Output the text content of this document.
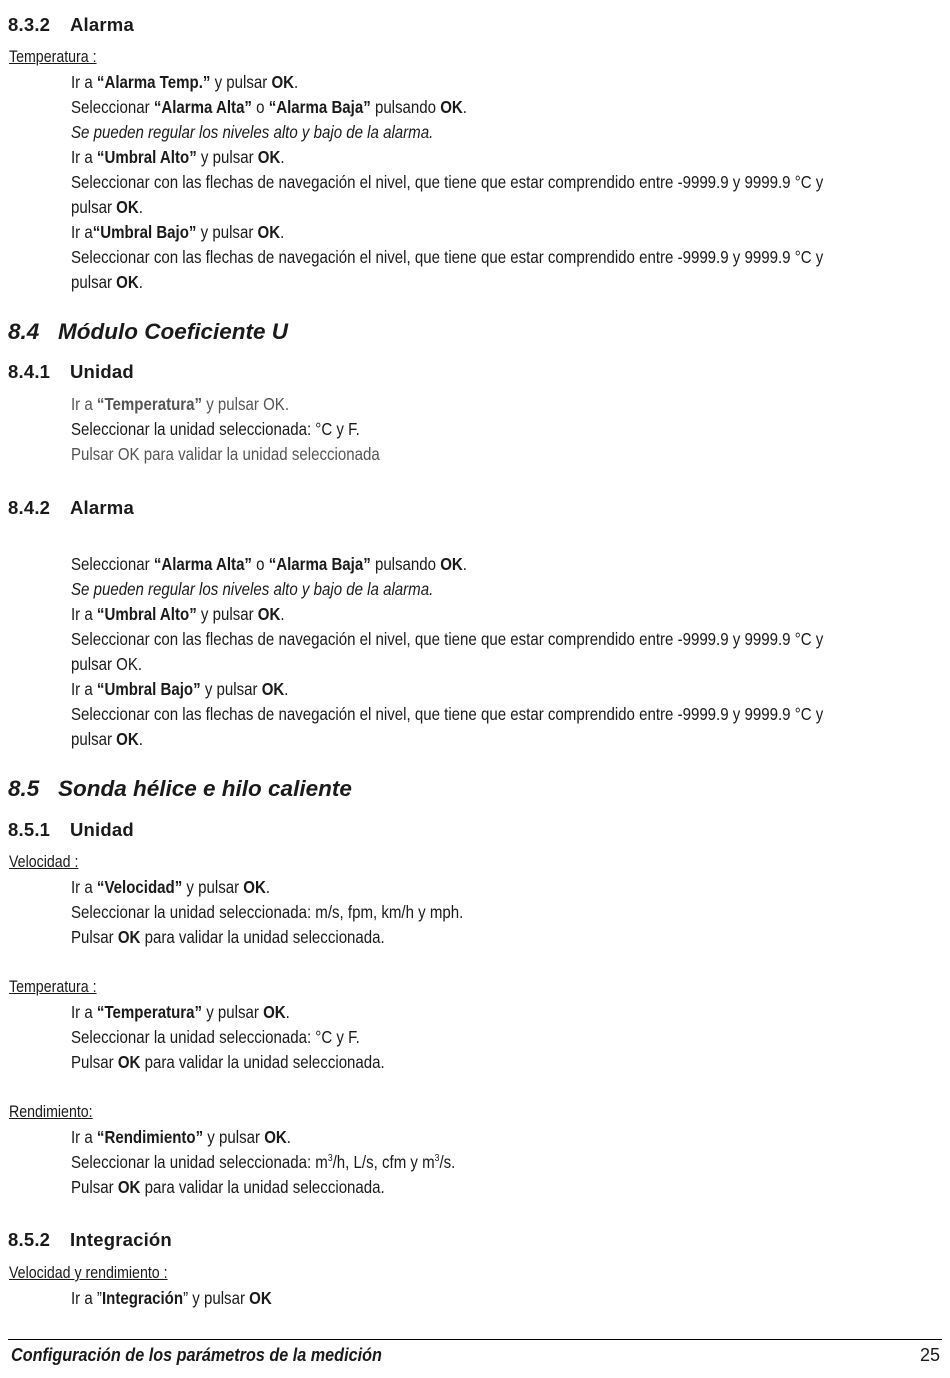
8.3.2 Alarma
Temperatura :
Ir a “Alarma Temp.” y pulsar OK.
Seleccionar “Alarma Alta” o “Alarma Baja” pulsando OK.
Se pueden regular los niveles alto y bajo de la alarma.
Ir a “Umbral Alto” y pulsar OK.
Seleccionar con las flechas de navegación el nivel, que tiene que estar comprendido entre -9999.9 y 9999.9 °C y
pulsar OK.
Ir a“Umbral Bajo” y pulsar OK.
Seleccionar con las flechas de navegación el nivel, que tiene que estar comprendido entre -9999.9 y 9999.9 °C y
pulsar OK.
8.4 Módulo Coeficiente U
8.4.1 Unidad
Ir a “Temperatura” y pulsar OK.
Seleccionar la unidad seleccionada: °C y F.
Pulsar OK para validar la unidad seleccionada
8.4.2 Alarma
Seleccionar “Alarma Alta” o “Alarma Baja” pulsando OK.
Se pueden regular los niveles alto y bajo de la alarma.
Ir a “Umbral Alto” y pulsar OK.
Seleccionar con las flechas de navegación el nivel, que tiene que estar comprendido entre -9999.9 y 9999.9 °C y
pulsar OK.
Ir a “Umbral Bajo” y pulsar OK.
Seleccionar con las flechas de navegación el nivel, que tiene que estar comprendido entre -9999.9 y 9999.9 °C y
pulsar OK.
8.5 Sonda hélice e hilo caliente
8.5.1 Unidad
Velocidad :
Ir a “Velocidad” y pulsar OK.
Seleccionar la unidad seleccionada: m/s, fpm, km/h y mph.
Pulsar OK para validar la unidad seleccionada.
Temperatura :
Ir a “Temperatura” y pulsar OK.
Seleccionar la unidad seleccionada: °C y F.
Pulsar OK para validar la unidad seleccionada.
Rendimiento:
Ir a “Rendimiento” y pulsar OK.
Seleccionar la unidad seleccionada: $m^3/h$, L/s, cfm y $m^3/s$.
Pulsar OK para validar la unidad seleccionada.
8.5.2 Integración
Velocidad y rendimiento :
Ir a ”Integración” y pulsar OK
Configuración de los parámetros de la medición	25
